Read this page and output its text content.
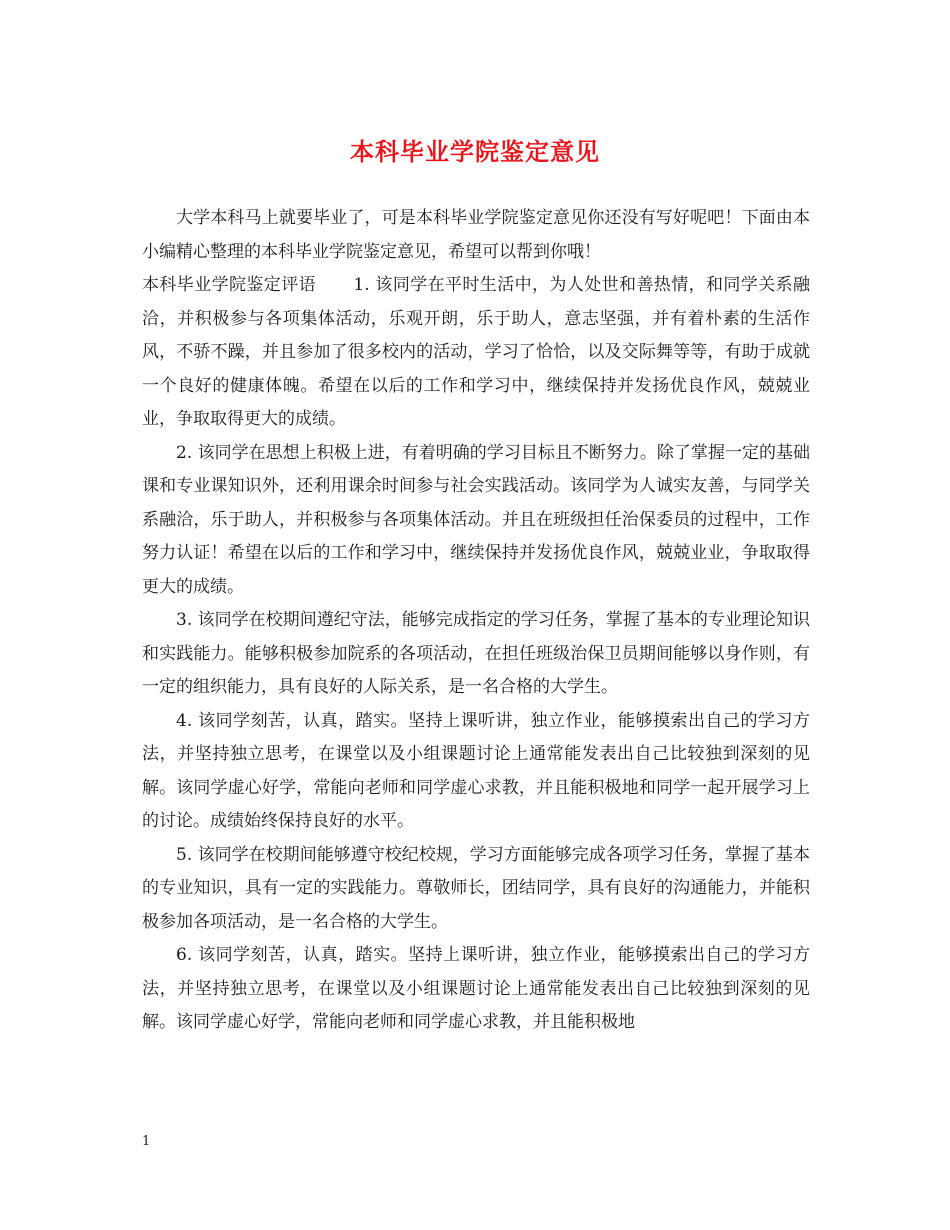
本科毕业学院鉴定意见

大学本科马上就要毕业了，可是本科毕业学院鉴定意见你还没有写好呢吧！下面由本小编精心整理的本科毕业学院鉴定意见，希望可以帮到你哦！

本科毕业学院鉴定评语 1. 该同学在平时生活中，为人处世和善热情，和同学关系融洽，并积极参与各项集体活动，乐观开朗，乐于助人，意志坚强，并有着朴素的生活作风，不骄不躁，并且参加了很多校内的活动，学习了恰恰，以及交际舞等等，有助于成就一个良好的健康体魄。希望在以后的工作和学习中，继续保持并发扬优良作风，兢兢业业，争取取得更大的成绩。

2. 该同学在思想上积极上进，有着明确的学习目标且不断努力。除了掌握一定的基础课和专业课知识外，还利用课余时间参与社会实践活动。该同学为人诚实友善，与同学关系融洽，乐于助人，并积极参与各项集体活动。并且在班级担任治保委员的过程中，工作努力认证！希望在以后的工作和学习中，继续保持并发扬优良作风，兢兢业业，争取取得更大的成绩。

3. 该同学在校期间遵纪守法，能够完成指定的学习任务，掌握了基本的专业理论知识和实践能力。能够积极参加院系的各项活动，在担任班级治保卫员期间能够以身作则，有一定的组织能力，具有良好的人际关系，是一名合格的大学生。

4. 该同学刻苦，认真，踏实。坚持上课听讲，独立作业，能够摸索出自己的学习方法，并坚持独立思考，在课堂以及小组课题讨论上通常能发表出自己比较独到深刻的见解。该同学虚心好学，常能向老师和同学虚心求教，并且能积极地和同学一起开展学习上的讨论。成绩始终保持良好的水平。

5. 该同学在校期间能够遵守校纪校规，学习方面能够完成各项学习任务，掌握了基本的专业知识，具有一定的实践能力。尊敬师长，团结同学，具有良好的沟通能力，并能积极参加各项活动，是一名合格的大学生。

6. 该同学刻苦，认真，踏实。坚持上课听讲，独立作业，能够摸索出自己的学习方法，并坚持独立思考，在课堂以及小组课题讨论上通常能发表出自己比较独到深刻的见解。该同学虚心好学，常能向老师和同学虚心求教，并且能积极地

1
